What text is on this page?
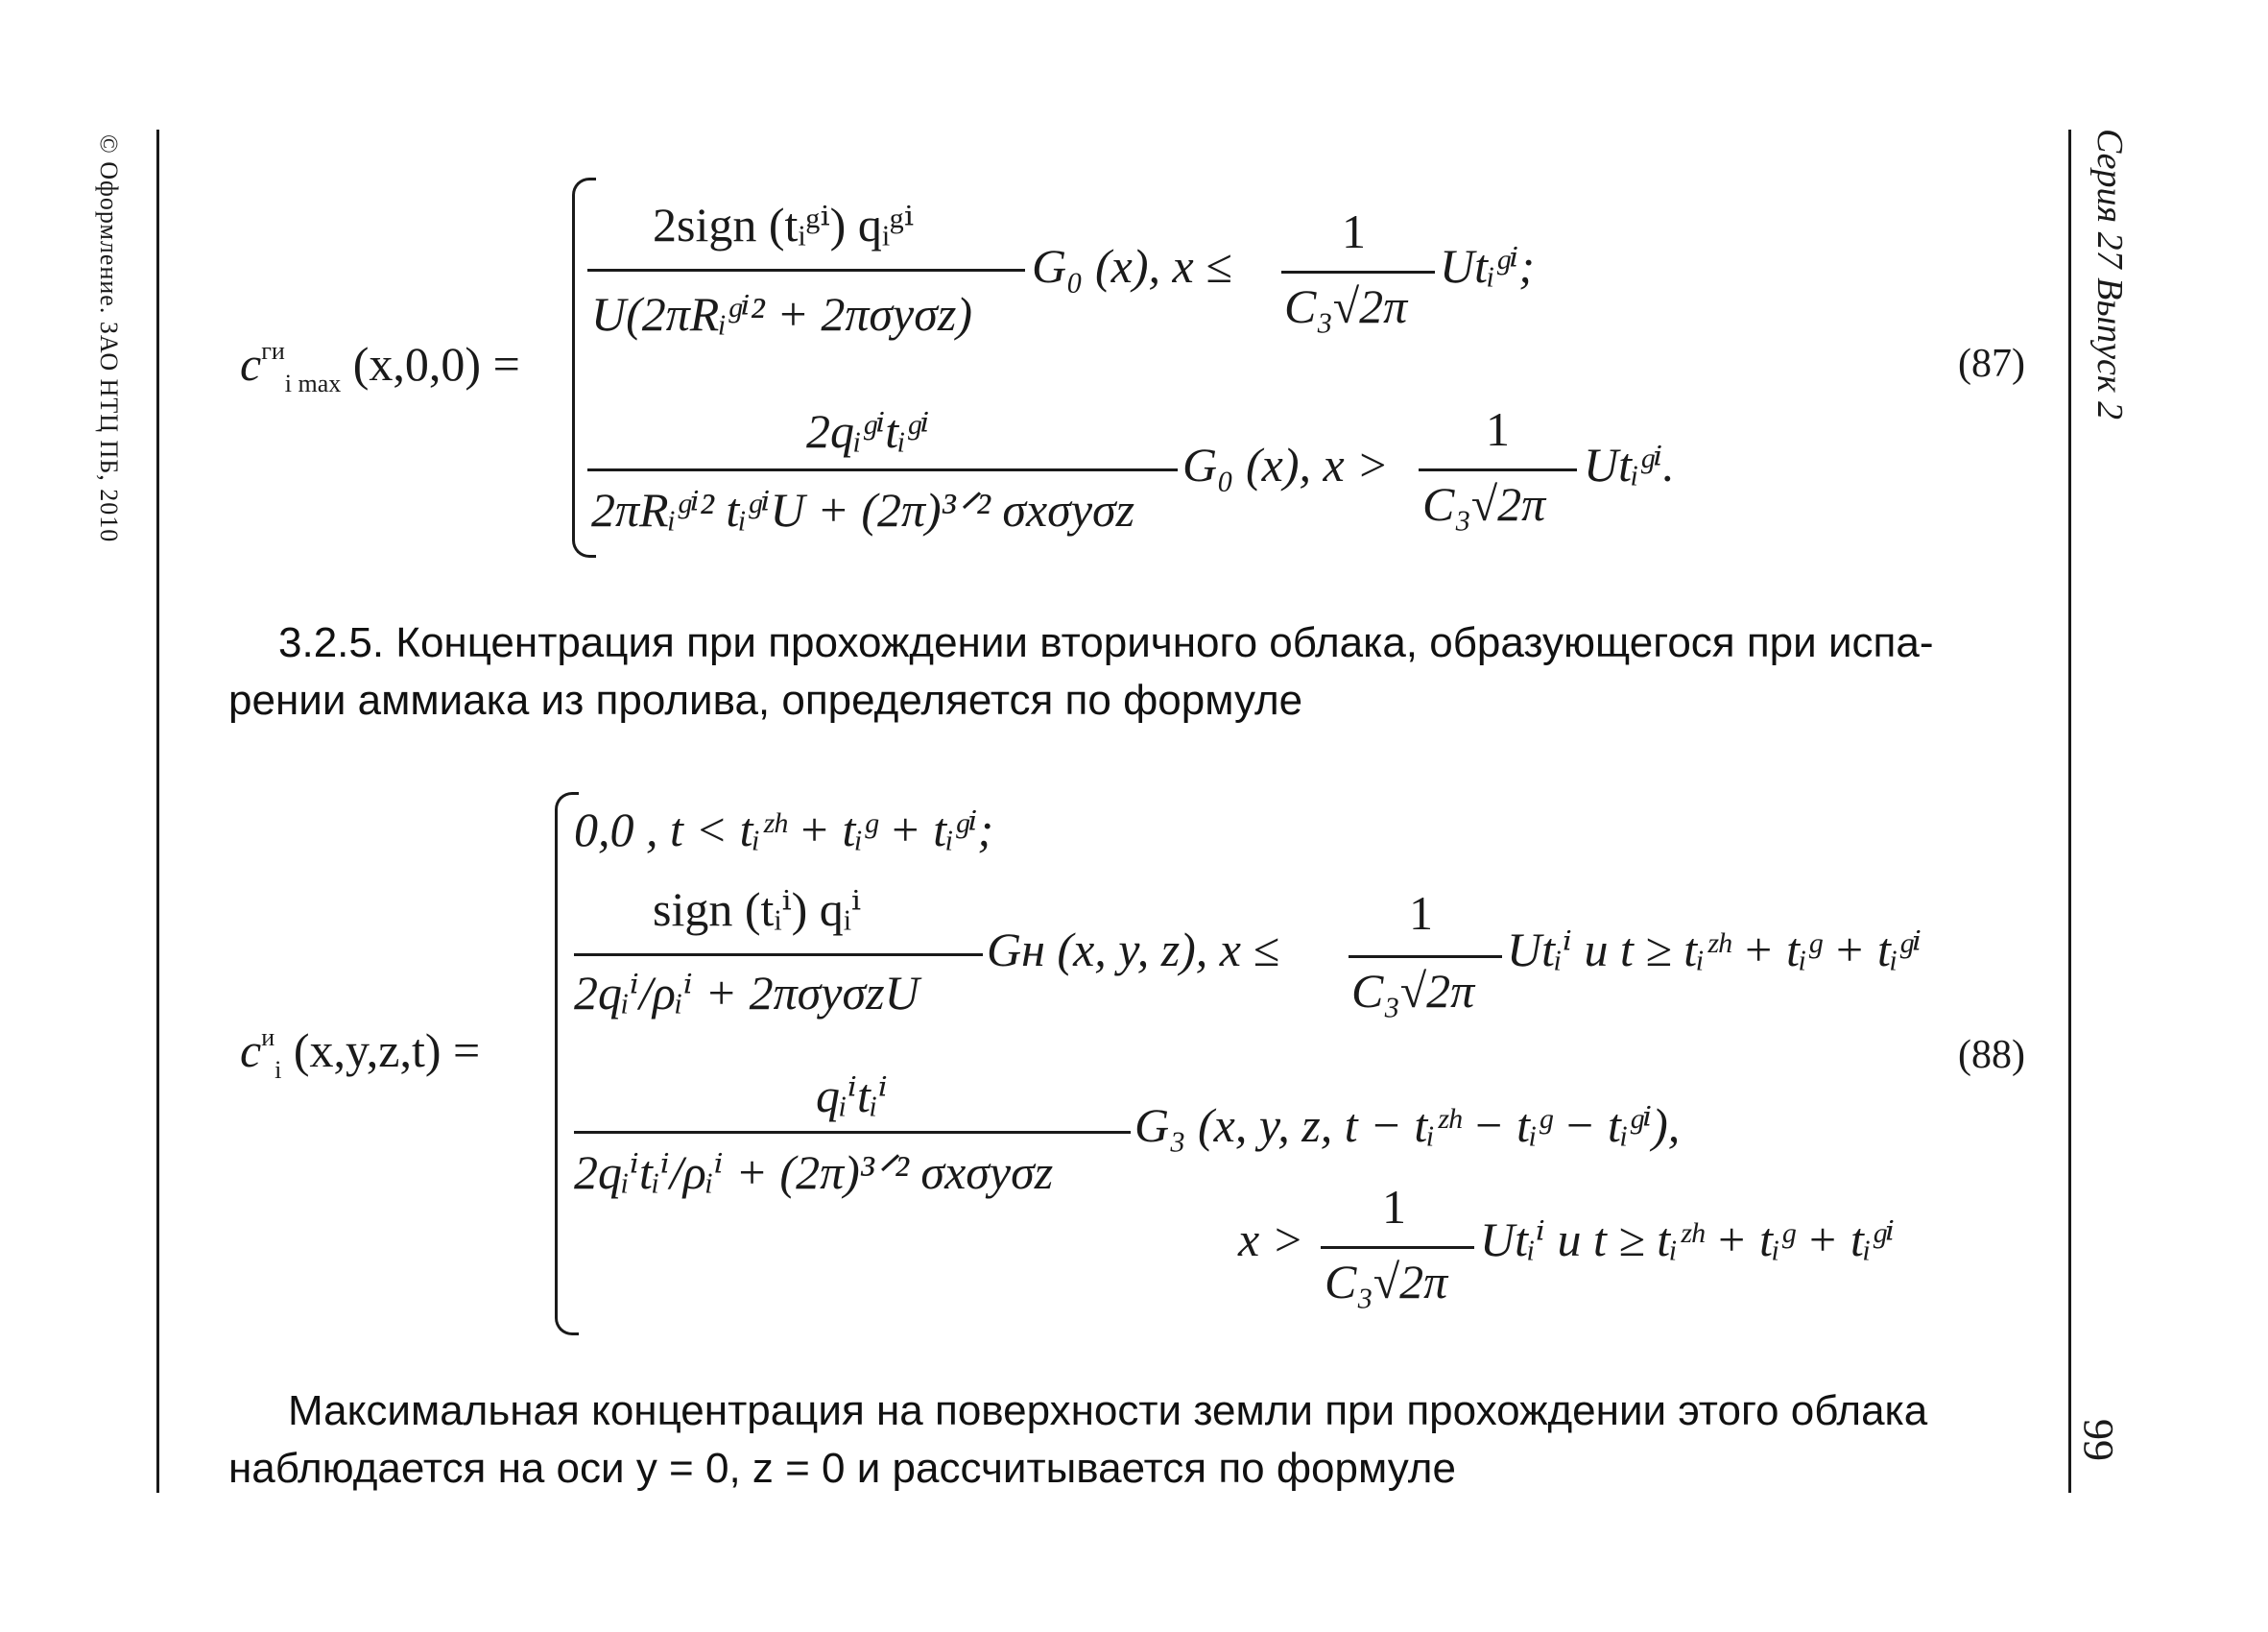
© Оформление. ЗАО НТЦ ПБ, 2010	Серия 27 Выпуск 2
99
$c^{ги}_{i max}$ (x,0,0) =
2sign (tᵢᵍⁱ) qᵢᵍⁱ
U(2πRᵢᵍⁱ² + 2πσyσz)
G₀ (x), x ≤
1
C₃√2π
Utᵢᵍⁱ;
2qᵢᵍⁱtᵢᵍⁱ
2πRᵢᵍⁱ² tᵢᵍⁱU + (2π)³ᐟ² σxσyσz
G₀ (x), x >
1
C₃√2π
Utᵢᵍⁱ.
(87)
3.2.5. Концентрация при прохождении вторичного облака, образующегося при испа-
рении аммиака из пролива, определяется по формуле
$c^и_i$ (x,y,z,t) =
0,0 , t < tᵢᶻʰ + tᵢᵍ + tᵢᵍⁱ;
sign (tᵢⁱ) qᵢⁱ
2qᵢⁱ/ρᵢⁱ + 2πσyσzU
Gн (x, y, z), x ≤
1
C₃√2π
Utᵢⁱ и t ≥ tᵢᶻʰ + tᵢᵍ + tᵢᵍⁱ
qᵢⁱtᵢⁱ
2qᵢⁱtᵢⁱ/ρᵢⁱ + (2π)³ᐟ² σxσyσz
G₃ (x, y, z, t − tᵢᶻʰ − tᵢᵍ − tᵢᵍⁱ),
x >
1
C₃√2π
Utᵢⁱ и t ≥ tᵢᶻʰ + tᵢᵍ + tᵢᵍⁱ
(88)
Максимальная концентрация на поверхности земли при прохождении этого облака
наблюдается на оси y = 0, z = 0 и рассчитывается по формуле
